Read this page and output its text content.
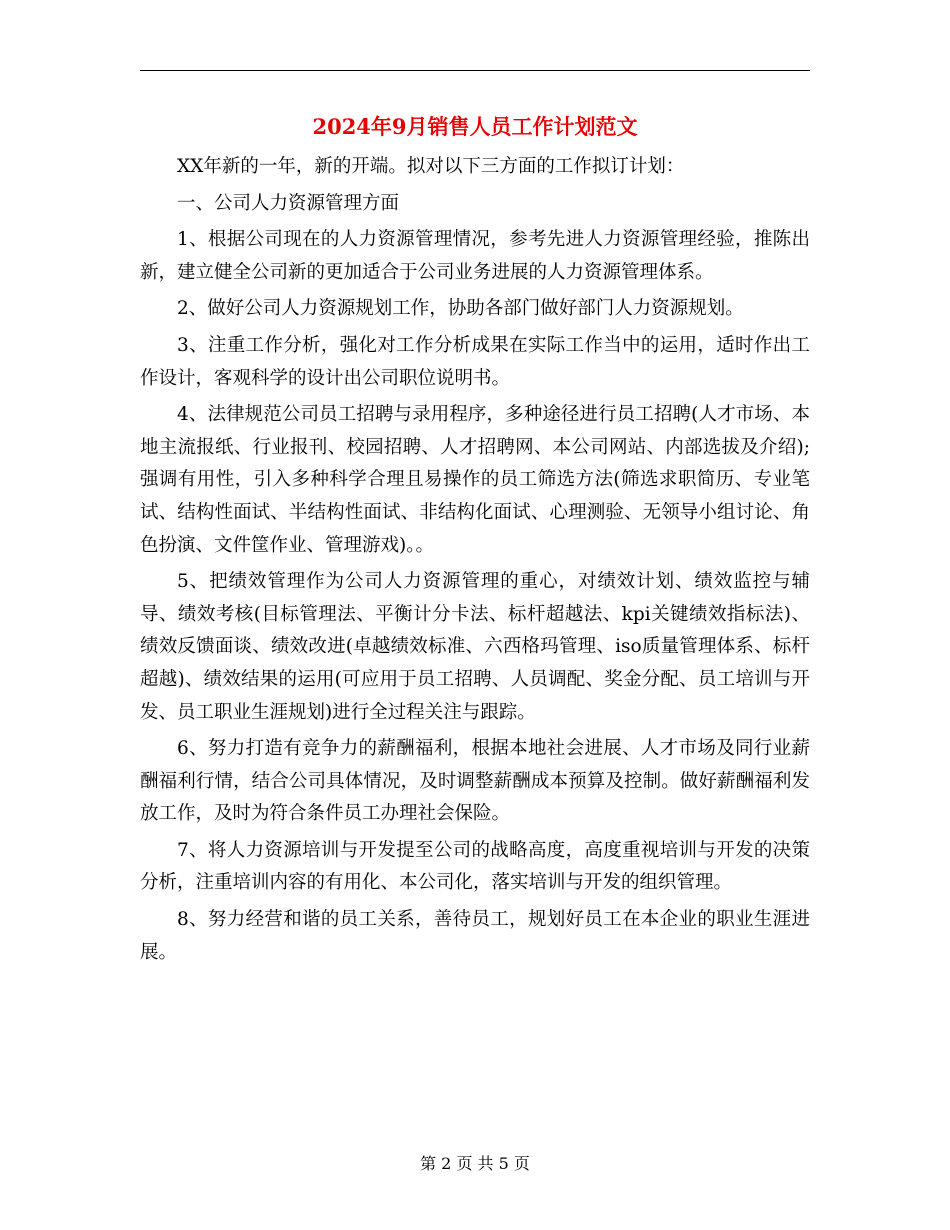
2024年9月销售人员工作计划范文

XX年新的一年，新的开端。拟对以下三方面的工作拟订计划：

一、公司人力资源管理方面

1、根据公司现在的人力资源管理情况，参考先进人力资源管理经验，推陈出新，建立健全公司新的更加适合于公司业务进展的人力资源管理体系。

2、做好公司人力资源规划工作，协助各部门做好部门人力资源规划。

3、注重工作分析，强化对工作分析成果在实际工作当中的运用，适时作出工作设计，客观科学的设计出公司职位说明书。

4、法律规范公司员工招聘与录用程序，多种途径进行员工招聘(人才市场、本地主流报纸、行业报刊、校园招聘、人才招聘网、本公司网站、内部选拔及介绍);强调有用性，引入多种科学合理且易操作的员工筛选方法(筛选求职简历、专业笔试、结构性面试、半结构性面试、非结构化面试、心理测验、无领导小组讨论、角色扮演、文件筐作业、管理游戏)。。

5、把绩效管理作为公司人力资源管理的重心，对绩效计划、绩效监控与辅导、绩效考核(目标管理法、平衡计分卡法、标杆超越法、kpi关键绩效指标法)、绩效反馈面谈、绩效改进(卓越绩效标准、六西格玛管理、iso质量管理体系、标杆超越)、绩效结果的运用(可应用于员工招聘、人员调配、奖金分配、员工培训与开发、员工职业生涯规划)进行全过程关注与跟踪。

6、努力打造有竞争力的薪酬福利，根据本地社会进展、人才市场及同行业薪酬福利行情，结合公司具体情况，及时调整薪酬成本预算及控制。做好薪酬福利发放工作，及时为符合条件员工办理社会保险。

7、将人力资源培训与开发提至公司的战略高度，高度重视培训与开发的决策分析，注重培训内容的有用化、本公司化，落实培训与开发的组织管理。

8、努力经营和谐的员工关系，善待员工，规划好员工在本企业的职业生涯进展。

第 2 页 共 5 页
